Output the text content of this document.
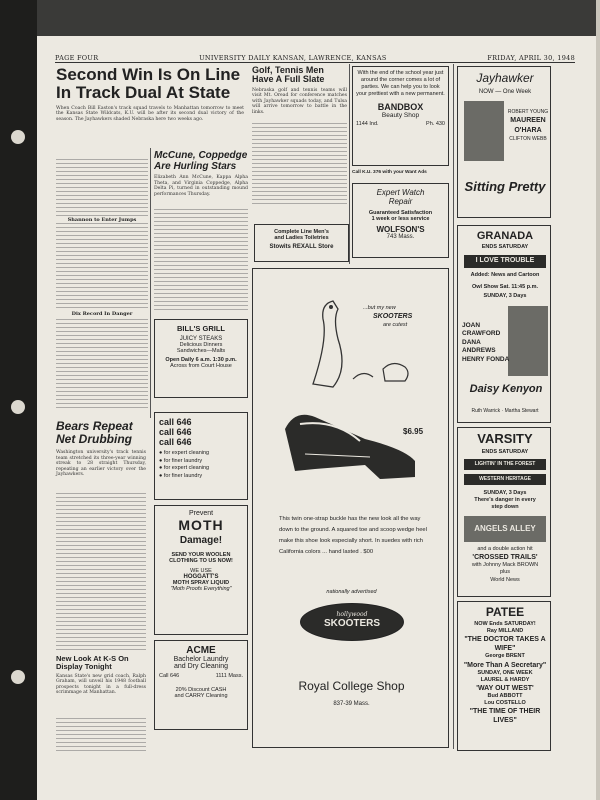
PAGE FOUR	UNIVERSITY DAILY KANSAN, LAWRENCE, KANSAS	FRIDAY, APRIL 30, 1948
Second Win Is On Line In Track Dual At State
When Coach Bill Easton's track squad travels to Manhattan tomorrow to meet the Kansas State Wildcats, K.U. will be after its second dual victory of the season. The Jayhawkers shaded Nebraska here two weeks ago.
Shannon to Enter Jumps
Dix Record In Danger
McCune, Coppedge Are Hurling Stars
Elizabeth Ann McCune, Kappa Alpha Theta, and Virginia Coppedge, Alpha Delta Pi, turned in outstanding mound performances Thursday.
Golf, Tennis Men Have A Full Slate
Nebraska golf and tennis teams will visit Mt. Oread for conference matches with Jayhawker squads today, and Tulsa will arrive tomorrow to battle in the links.
With the end of the school year just around the corner comes a lot of parties. We can help you to look your prettiest with a new permanent.
BANDBOX
Beauty Shop
1144 Ind.	Ph. 430
Call K.U. 376 with your Want Ads
Expert Watch
Repair
Guaranteed Satisfaction
1 week or less service
WOLFSON'S
743 Mass.
Complete Line Men's
and Ladies Toiletries
Stowits REXALL Store
BILL'S GRILL
JUICY STEAKS
Delicious Dinners
Sandwiches—Malts
Open Daily 6 a.m. 1:30 p.m.
Across from Court House
Bears Repeat Net Drubbing
Washington university's track tennis team stretched its three-year winning streak to 28 straight Thursday, repeating an earlier victory over the Jayhawkers.
New Look At K-S On Display Tonight
Kansas State's new grid coach, Ralph Graham, will unveil his 1948 football prospects tonight in a full-dress scrimmage at Manhattan.
call 646
call 646
call 646
● for expert cleaning
● for finer laundry
● for expert cleaning
● for finer laundry
Prevent
MOTH
Damage!
SEND YOUR WOOLEN CLOTHING TO US NOW!
WE USE
HOGGATT'S
MOTH SPRAY LIQUID
"Moth Proofs Everything"
ACME
Bachelor Laundry
and Dry Cleaning
Call 646	1111 Mass.
20% Discount CASH
and CARRY Cleaning
...but my new
SKOOTERS
are cutest
$6.95
This twin one-strap buckle has the new look all the way down to the ground. A squared toe and scoop wedge heel make this shoe look especially short. In suedes with rich California colors ... hand lasted . $00
nationally advertised
hollywood
SKOOTERS
Royal College Shop
837-39 Mass.
Jayhawker
NOW — One Week
ROBERT YOUNG
MAUREEN O'HARA
CLIFTON WEBB
Sitting Pretty
GRANADA
ENDS SATURDAY
I LOVE TROUBLE
Added: News and Cartoon
Owl Show Sat. 11:45 p.m.
SUNDAY, 3 Days
JOAN CRAWFORD
DANA ANDREWS
HENRY FONDA
Daisy Kenyon
Ruth Warrick · Martha Stewart
VARSITY
ENDS SATURDAY
LIGHTIN' IN THE FOREST
WESTERN HERITAGE
SUNDAY, 3 Days
There's danger in every
step down
ANGELS ALLEY
and a double action hit
'CROSSED TRAILS'
with Johnny Mack BROWN
plus
World News
PATEE
NOW Ends SATURDAY!
Ray MILLAND
"THE DOCTOR TAKES A WIFE"
George BRENT
"More Than A Secretary"
SUNDAY, ONE WEEK
LAUREL & HARDY
'WAY OUT WEST'
Bud ABBOTT
Lou COSTELLO
"THE TIME OF THEIR LIVES"
